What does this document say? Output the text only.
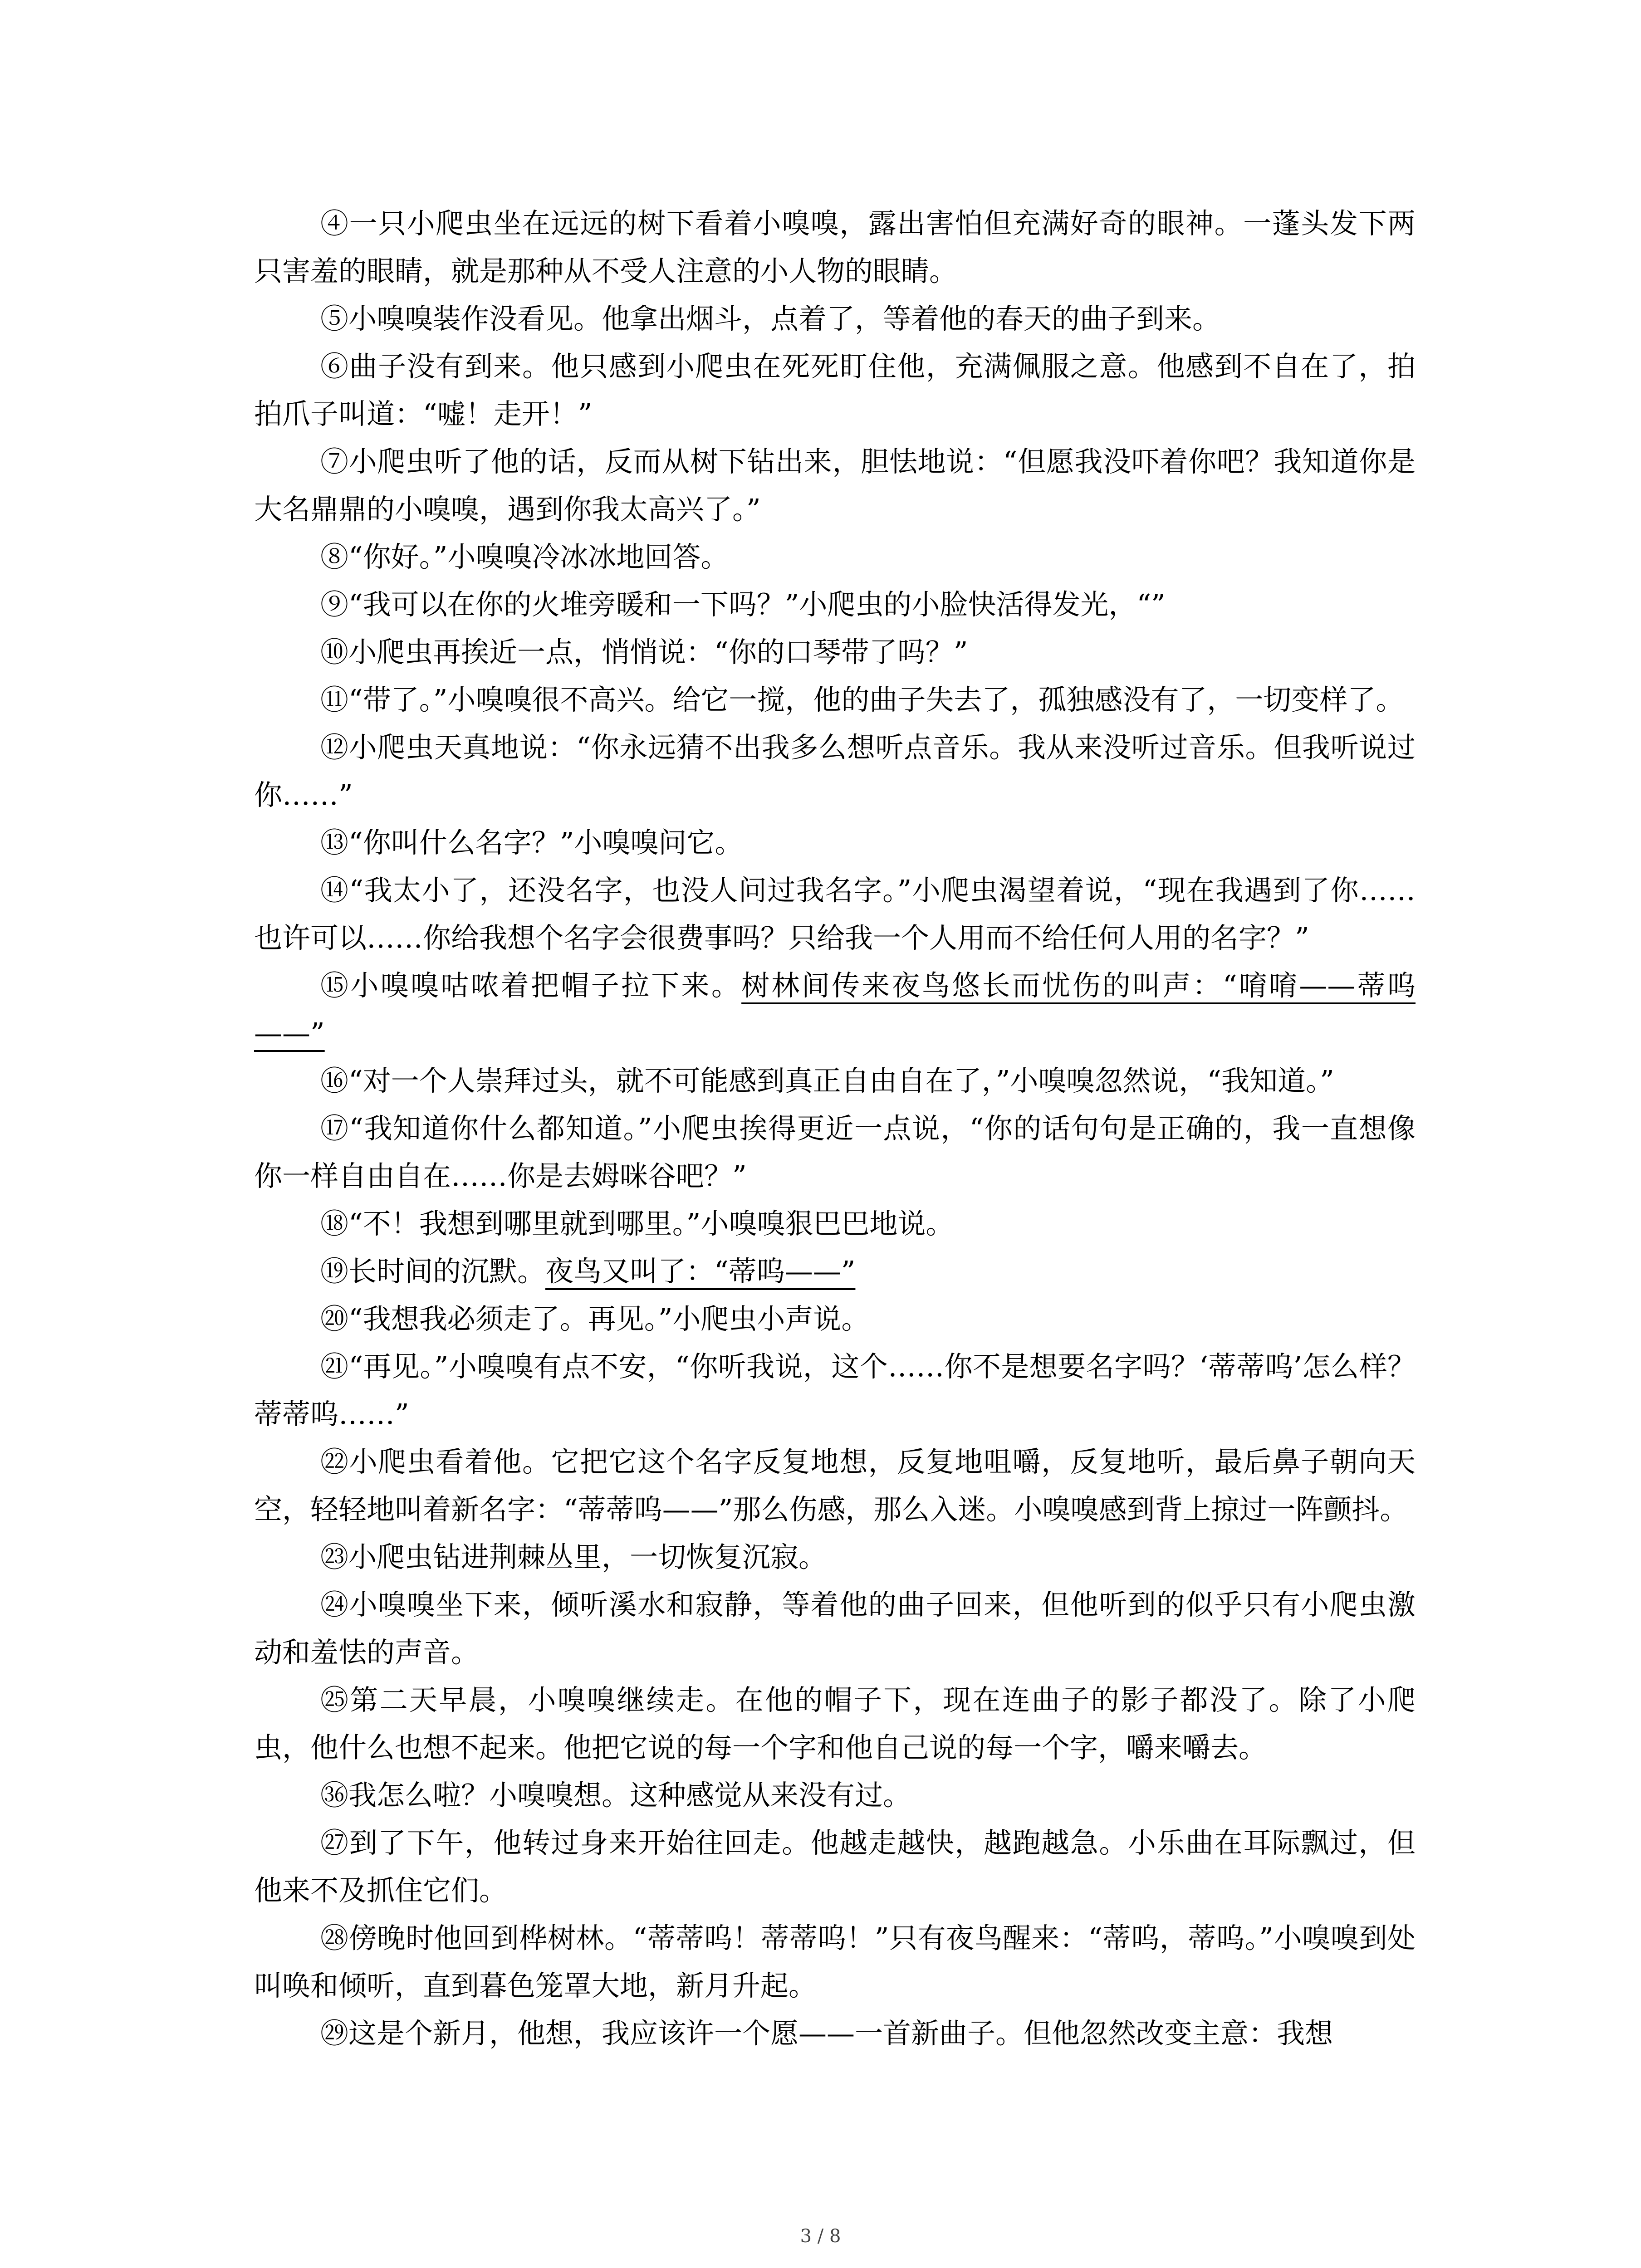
④一只小爬虫坐在远远的树下看着小嗅嗅，露出害怕但充满好奇的眼神。一蓬头发下两只害羞的眼睛，就是那种从不受人注意的小人物的眼睛。

⑤小嗅嗅装作没看见。他拿出烟斗，点着了，等着他的春天的曲子到来。

⑥曲子没有到来。他只感到小爬虫在死死盯住他，充满佩服之意。他感到不自在了，拍拍爪子叫道：“嘘！走开！”

⑦小爬虫听了他的话，反而从树下钻出来，胆怯地说：“但愿我没吓着你吧？我知道你是大名鼎鼎的小嗅嗅，遇到你我太高兴了。”

⑧“你好。”小嗅嗅冷冰冰地回答。

⑨“我可以在你的火堆旁暖和一下吗？”小爬虫的小脸快活得发光，“”

⑩小爬虫再挨近一点，悄悄说：“你的口琴带了吗？”

⑪“带了。”小嗅嗅很不高兴。给它一搅，他的曲子失去了，孤独感没有了，一切变样了。

⑫小爬虫天真地说：“你永远猜不出我多么想听点音乐。我从来没听过音乐。但我听说过你……”

⑬“你叫什么名字？”小嗅嗅问它。

⑭“我太小了，还没名字，也没人问过我名字。”小爬虫渴望着说，“现在我遇到了你……也许可以……你给我想个名字会很费事吗？只给我一个人用而不给任何人用的名字？”

⑮小嗅嗅咕哝着把帽子拉下来。树林间传来夜鸟悠长而忧伤的叫声：“唷唷——蒂呜——”

⑯“对一个人崇拜过头，就不可能感到真正自由自在了，”小嗅嗅忽然说，“我知道。”

⑰“我知道你什么都知道。”小爬虫挨得更近一点说，“你的话句句是正确的，我一直想像你一样自由自在……你是去姆咪谷吧？”

⑱“不！我想到哪里就到哪里。”小嗅嗅狠巴巴地说。

⑲长时间的沉默。夜鸟又叫了：“蒂呜——”

⑳“我想我必须走了。再见。”小爬虫小声说。

㉑“再见。”小嗅嗅有点不安，“你听我说，这个……你不是想要名字吗？‘蒂蒂呜’怎么样？蒂蒂呜……”

㉒小爬虫看着他。它把它这个名字反复地想，反复地咀嚼，反复地听，最后鼻子朝向天空，轻轻地叫着新名字：“蒂蒂呜——”那么伤感，那么入迷。小嗅嗅感到背上掠过一阵颤抖。

㉓小爬虫钻进荆棘丛里，一切恢复沉寂。

㉔小嗅嗅坐下来，倾听溪水和寂静，等着他的曲子回来，但他听到的似乎只有小爬虫激动和羞怯的声音。

㉕第二天早晨，小嗅嗅继续走。在他的帽子下，现在连曲子的影子都没了。除了小爬虫，他什么也想不起来。他把它说的每一个字和他自己说的每一个字，嚼来嚼去。

㊱我怎么啦？小嗅嗅想。这种感觉从来没有过。

㉗到了下午，他转过身来开始往回走。他越走越快，越跑越急。小乐曲在耳际飘过，但他来不及抓住它们。

㉘傍晚时他回到桦树林。“蒂蒂呜！蒂蒂呜！”只有夜鸟醒来：“蒂呜，蒂呜。”小嗅嗅到处叫唤和倾听，直到暮色笼罩大地，新月升起。

㉙这是个新月，他想，我应该许一个愿——一首新曲子。但他忽然改变主意：我想

3 / 8
